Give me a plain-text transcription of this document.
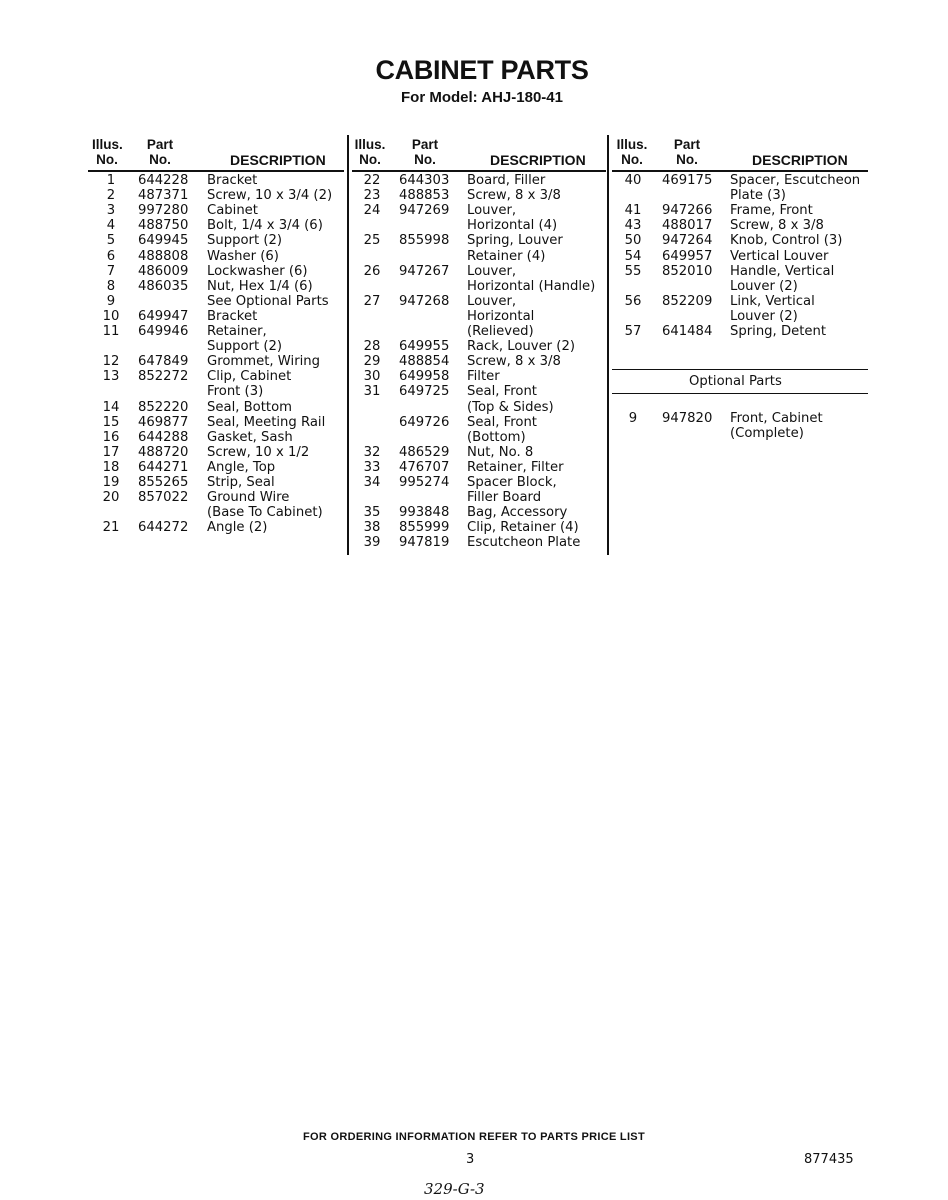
CABINET PARTS
For Model: AHJ-180-41
Illus.
No.
Part
No.	DESCRIPTION
Illus.
No.
Part
No.	DESCRIPTION
Illus.
No.
Part
No.	DESCRIPTION
1	644228 Bracket
2	487371 Screw, 10 x 3/4 (2)
3	997280 Cabinet
4	488750 Bolt, 1/4 x 3/4 (6)
5	649945 Support (2)
6	488808 Washer (6)
7	486009 Lockwasher (6)
8	486035 Nut, Hex 1/4 (6)
9	See Optional Parts
10	649947 Bracket
11	649946 Retainer,
Support (2)
12	647849 Grommet, Wiring
13	852272 Clip, Cabinet
Front (3)
14	852220 Seal, Bottom
15	469877 Seal, Meeting Rail
16	644288 Gasket, Sash
17	488720 Screw, 10 x 1/2
18	644271 Angle, Top
19	855265 Strip, Seal
20	857022 Ground Wire
(Base To Cabinet)
21	644272 Angle (2)
22	644303 Board, Filler
23	488853 Screw, 8 x 3/8
24	947269 Louver,
Horizontal (4)
25	855998 Spring, Louver
Retainer (4)
26	947267 Louver,
Horizontal (Handle)
27	947268 Louver,
Horizontal
(Relieved)
28	649955 Rack, Louver (2)
29	488854 Screw, 8 x 3/8
30	649958 Filter
31	649725 Seal, Front
(Top & Sides)
649726 Seal, Front
(Bottom)
32	486529 Nut, No. 8
33	476707 Retainer, Filter
34	995274 Spacer Block,
Filler Board
35	993848 Bag, Accessory
38	855999 Clip, Retainer (4)
39	947819 Escutcheon Plate
40	469175 Spacer, Escutcheon
Plate (3)
41	947266 Frame, Front
43	488017 Screw, 8 x 3/8
50	947264 Knob, Control (3)
54	649957 Vertical Louver
55	852010 Handle, Vertical
Louver (2)
56	852209 Link, Vertical
Louver (2)
57	641484 Spring, Detent
Optional Parts
9	947820 Front, Cabinet
(Complete)
FOR ORDERING INFORMATION REFER TO PARTS PRICE LIST
3	877435
329-G-3
